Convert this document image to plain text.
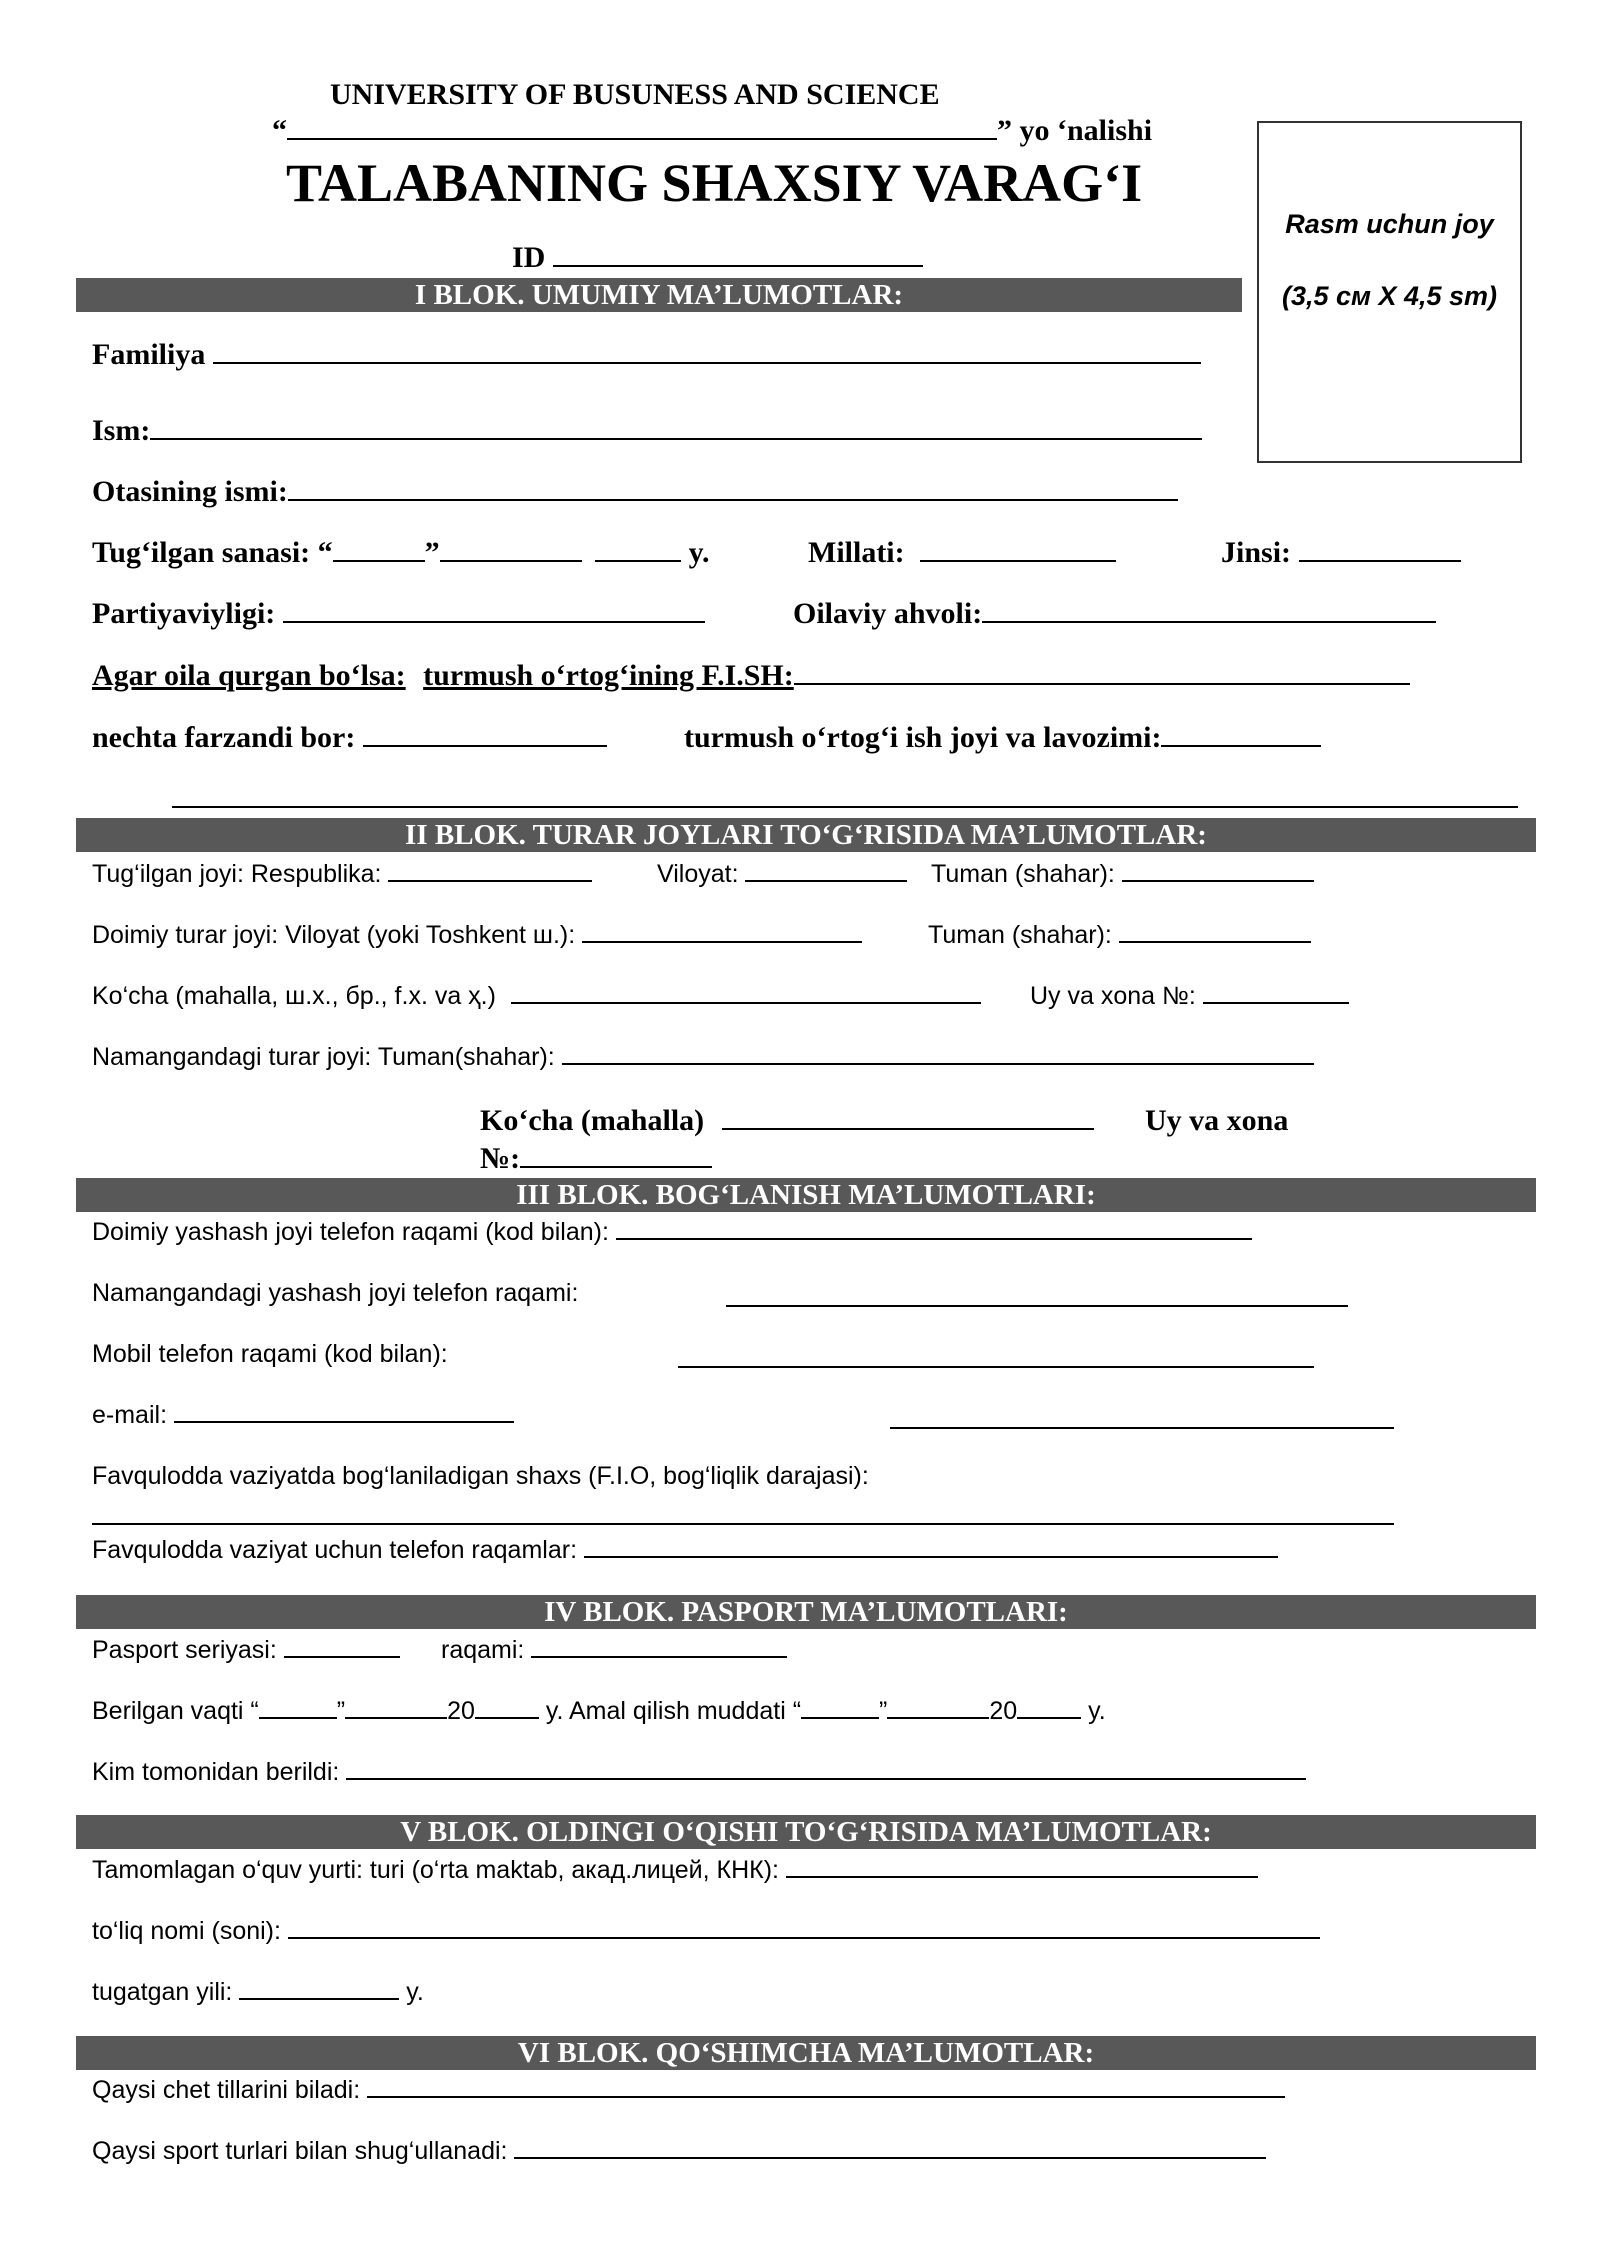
UNIVERSITY OF BUSUNESS AND SCIENCE
“	” yo ‘nalishi
TALABANING SHAXSIY VARAG‘I
ID
Rasm uchun joy
(3,5 см X 4,5 sm)
I BLOK. UMUMIY MA’LUMOTLAR:
Familiya
Ism:
Otasining ismi:
Tug‘ilgan sanasi: “	”	y.	Millati:	Jinsi:
Partiyaviyligi:	Oilaviy ahvoli:
Agar oila qurgan bo‘lsa: turmush o‘rtog‘ining F.I.SH:
nechta farzandi bor:	turmush o‘rtog‘i ish joyi va lavozimi:
II BLOK. TURAR JOYLARI TO‘G‘RISIDA MA’LUMOTLAR:
Tug‘ilgan joyi: Respublika:	Viloyat:	Tuman (shahar):
Doimiy turar joyi: Viloyat (yoki Toshkent ш.):	Tuman (shahar):
Ko‘cha (mahalla, ш.х., бр., f.x. va ҳ.)	Uy va xona №:
Namangandagi turar joyi: Tuman(shahar):
Ko‘cha (mahalla)	Uy va xona
№:
III BLOK. BOG‘LANISH MA’LUMOTLARI:
Doimiy yashash joyi telefon raqami (kod bilan):
Namangandagi yashash joyi telefon raqami:
Mobil telefon raqami (kod bilan):
e-mail:
Favqulodda vaziyatda bog‘laniladigan shaxs (F.I.O, bog‘liqlik darajasi):
Favqulodda vaziyat uchun telefon raqamlar:
IV BLOK. PASPORT MA’LUMOTLARI:
Pasport seriyasi:	raqami:
Berilgan vaqti “	”	20	y. Amal qilish muddati “	”	20	y.
Kim tomonidan berildi:
V BLOK. OLDINGI O‘QISHI TO‘G‘RISIDA MA’LUMOTLAR:
Tamomlagan o‘quv yurti: turi (o‘rta maktab, акад.лицей, КНК):
to‘liq nomi (soni):
tugatgan yili:	y.
VI BLOK. QO‘SHIMCHA MA’LUMOTLAR:
Qaysi chet tillarini biladi:
Qaysi sport turlari bilan shug‘ullanadi:
